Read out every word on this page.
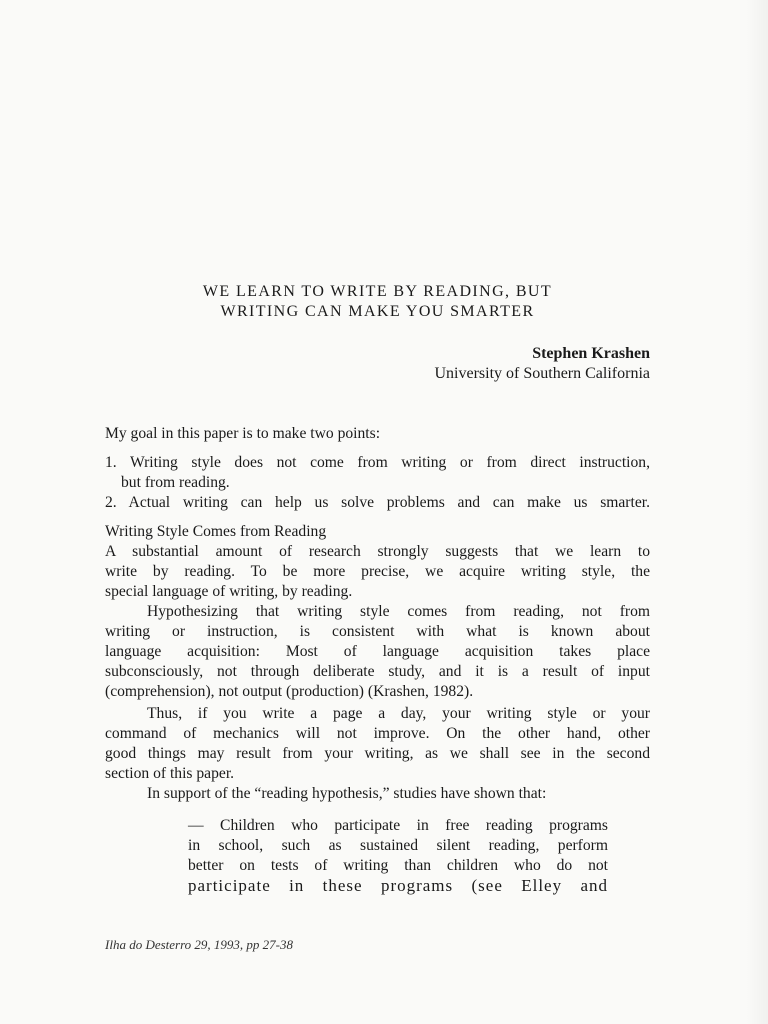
WE LEARN TO WRITE BY READING, BUT
WRITING CAN MAKE YOU SMARTER
Stephen Krashen
University of Southern California
My goal in this paper is to make two points:
1. Writing style does not come from writing or from direct instruction,
but from reading.
2. Actual writing can help us solve problems and can make us smarter.
Writing Style Comes from Reading
A substantial amount of research strongly suggests that we learn to
write by reading. To be more precise, we acquire writing style, the
special language of writing, by reading.
Hypothesizing that writing style comes from reading, not from
writing or instruction, is consistent with what is known about
language acquisition: Most of language acquisition takes place
subconsciously, not through deliberate study, and it is a result of input
(comprehension), not output (production) (Krashen, 1982).
Thus, if you write a page a day, your writing style or your
command of mechanics will not improve. On the other hand, other
good things may result from your writing, as we shall see in the second
section of this paper.
In support of the “reading hypothesis,” studies have shown that:
— Children who participate in free reading programs
in school, such as sustained silent reading, perform
better on tests of writing than children who do not
participate in these programs (see Elley and
Ilha do Desterro 29, 1993, pp 27-38
